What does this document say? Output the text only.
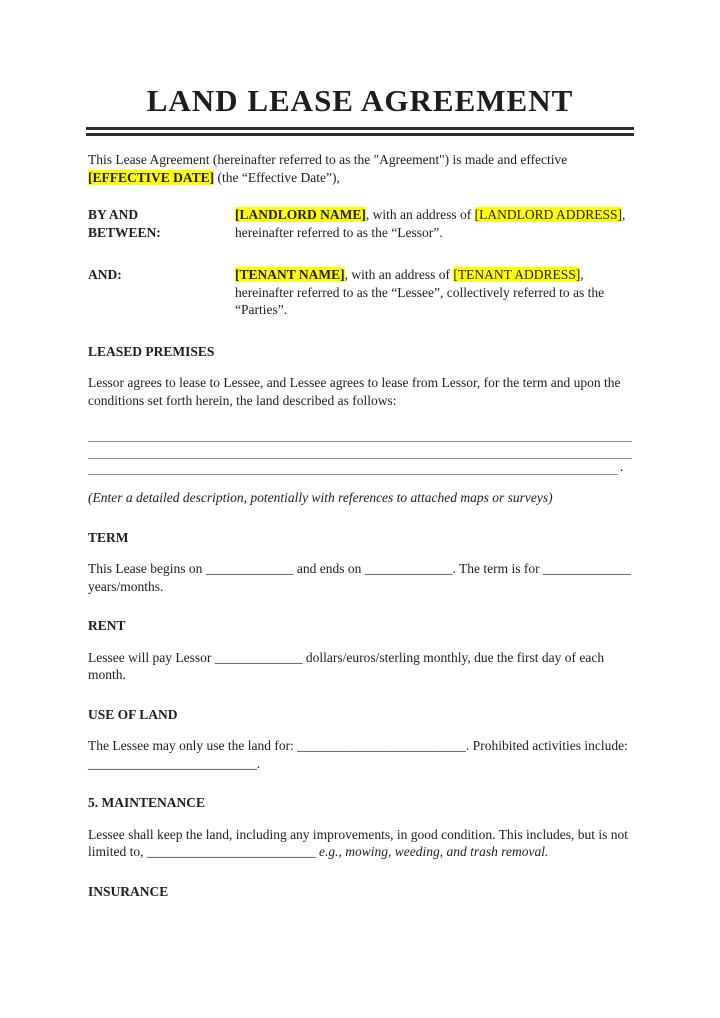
LAND LEASE AGREEMENT
This Lease Agreement (hereinafter referred to as the "Agreement") is made and effective [EFFECTIVE DATE] (the “Effective Date”),
BY AND BETWEEN:
[LANDLORD NAME], with an address of [LANDLORD ADDRESS], hereinafter referred to as the “Lessor”.
AND:	[TENANT NAME], with an address of [TENANT ADDRESS], hereinafter referred to as the “Lessee”, collectively referred to as the “Parties”.
LEASED PREMISES
Lessor agrees to lease to Lessee, and Lessee agrees to lease from Lessor, for the term and upon the conditions set forth herein, the land described as follows:
.
(Enter a detailed description, potentially with references to attached maps or surveys)
TERM
This Lease begins on _____________ and ends on _____________. The term is for _____________ years/months.
RENT
Lessee will pay Lessor _____________ dollars/euros/sterling monthly, due the first day of each month.
USE OF LAND
The Lessee may only use the land for: _________________________. Prohibited activities include: _________________________.
5. MAINTENANCE
Lessee shall keep the land, including any improvements, in good condition. This includes, but is not limited to, _________________________ e.g., mowing, weeding, and trash removal.
INSURANCE
